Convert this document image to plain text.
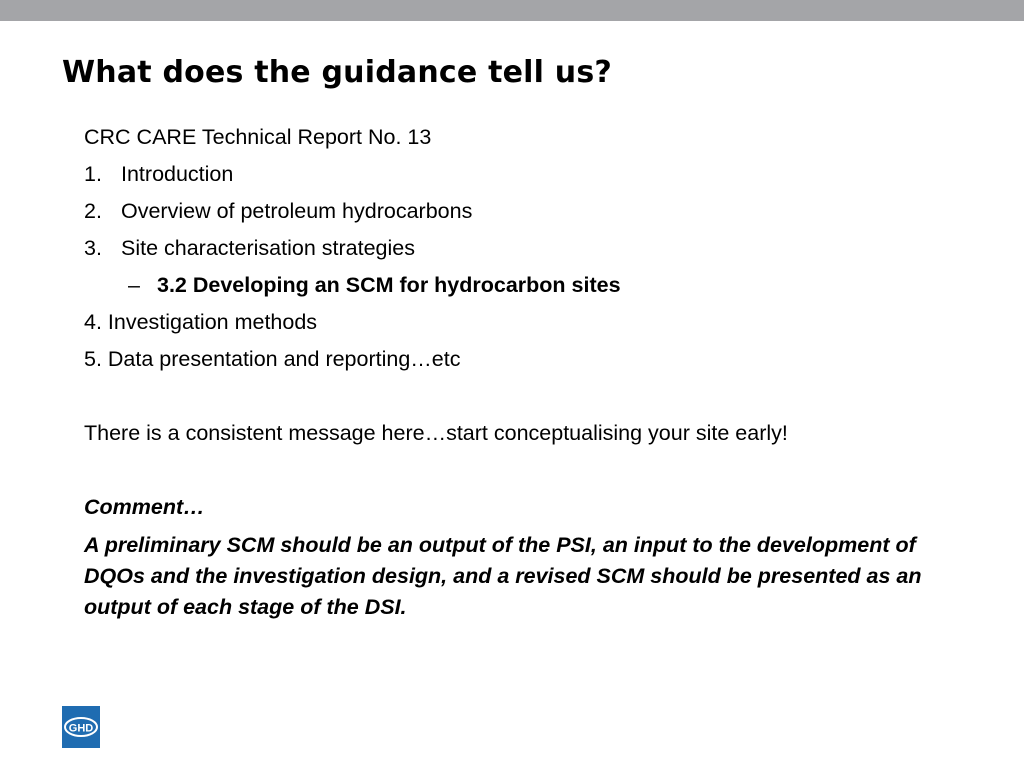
What does the guidance tell us?
CRC CARE Technical Report No. 13
1. Introduction
2. Overview of petroleum hydrocarbons
3. Site characterisation strategies
– 3.2 Developing an SCM for hydrocarbon sites
4. Investigation methods
5. Data presentation and reporting…etc
There is a consistent message here…start conceptualising your site early!
Comment…
A preliminary SCM should be an output of the PSI, an input to the development of DQOs and the investigation design, and a revised SCM should be presented as an output of each stage of the DSI.
GHD
